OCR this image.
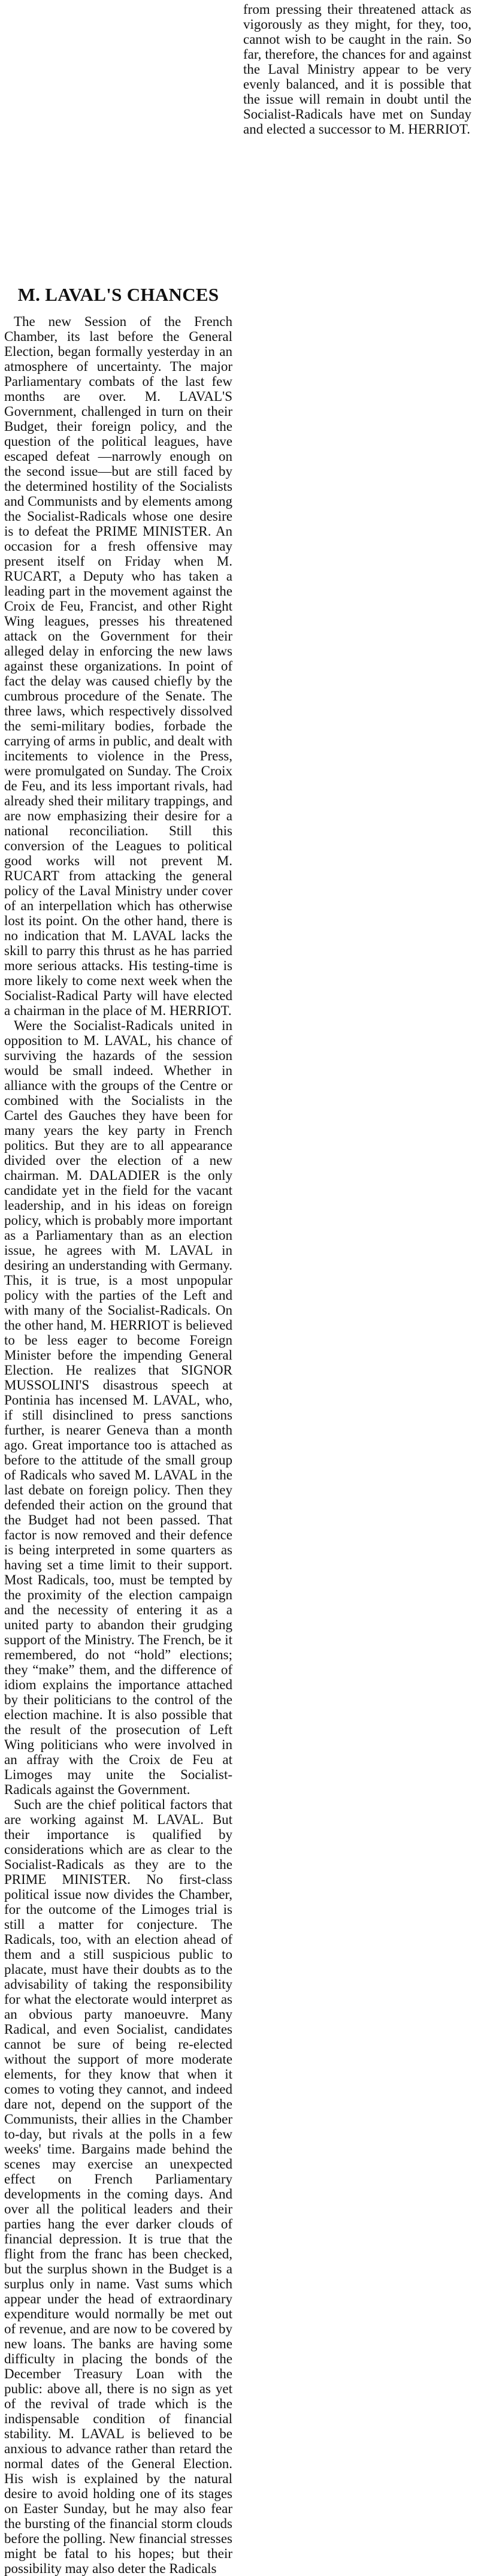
from pressing their threatened attack as vigorously as they might, for they, too, cannot wish to be caught in the rain. So far, therefore, the chances for and against the Laval Ministry appear to be very evenly balanced, and it is possible that the issue will remain in doubt until the Socialist-Radicals have met on Sunday and elected a successor to M. HERRIOT.

M. LAVAL'S CHANCES

The new Session of the French Chamber, its last before the General Election, began formally yesterday in an atmosphere of uncertainty. The major Parliamentary combats of the last few months are over. M. LAVAL'S Government, challenged in turn on their Budget, their foreign policy, and the question of the political leagues, have escaped defeat —narrowly enough on the second issue—but are still faced by the determined hostility of the Socialists and Communists and by elements among the Socialist-Radicals whose one desire is to defeat the PRIME MINISTER. An occasion for a fresh offensive may present itself on Friday when M. RUCART, a Deputy who has taken a leading part in the movement against the Croix de Feu, Francist, and other Right Wing leagues, presses his threatened attack on the Government for their alleged delay in enforcing the new laws against these organizations. In point of fact the delay was caused chiefly by the cumbrous procedure of the Senate. The three laws, which respectively dissolved the semi-military bodies, forbade the carrying of arms in public, and dealt with incitements to violence in the Press, were promulgated on Sunday. The Croix de Feu, and its less important rivals, had already shed their military trappings, and are now emphasizing their desire for a national reconciliation. Still this conversion of the Leagues to political good works will not prevent M. RUCART from attacking the general policy of the Laval Ministry under cover of an interpellation which has otherwise lost its point. On the other hand, there is no indication that M. LAVAL lacks the skill to parry this thrust as he has parried more serious attacks. His testing-time is more likely to come next week when the Socialist-Radical Party will have elected a chairman in the place of M. HERRIOT.

Were the Socialist-Radicals united in opposition to M. LAVAL, his chance of surviving the hazards of the session would be small indeed. Whether in alliance with the groups of the Centre or combined with the Socialists in the Cartel des Gauches they have been for many years the key party in French politics. But they are to all appearance divided over the election of a new chairman. M. DALADIER is the only candidate yet in the field for the vacant leadership, and in his ideas on foreign policy, which is probably more important as a Parliamentary than as an election issue, he agrees with M. LAVAL in desiring an understanding with Germany. This, it is true, is a most unpopular policy with the parties of the Left and with many of the Socialist-Radicals. On the other hand, M. HERRIOT is believed to be less eager to become Foreign Minister before the impending General Election. He realizes that SIGNOR MUSSOLINI'S disastrous speech at Pontinia has incensed M. LAVAL, who, if still disinclined to press sanctions further, is nearer Geneva than a month ago. Great importance too is attached as before to the attitude of the small group of Radicals who saved M. LAVAL in the last debate on foreign policy. Then they defended their action on the ground that the Budget had not been passed. That factor is now removed and their defence is being interpreted in some quarters as having set a time limit to their support. Most Radicals, too, must be tempted by the proximity of the election campaign and the necessity of entering it as a united party to abandon their grudging support of the Ministry. The French, be it remembered, do not “hold” elections; they “make” them, and the difference of idiom explains the importance attached by their politicians to the control of the election machine. It is also possible that the result of the prosecution of Left Wing politicians who were involved in an affray with the Croix de Feu at Limoges may unite the Socialist-Radicals against the Government.

Such are the chief political factors that are working against M. LAVAL. But their importance is qualified by considerations which are as clear to the Socialist-Radicals as they are to the PRIME MINISTER. No first-class political issue now divides the Chamber, for the outcome of the Limoges trial is still a matter for conjecture. The Radicals, too, with an election ahead of them and a still suspicious public to placate, must have their doubts as to the advisability of taking the responsibility for what the electorate would interpret as an obvious party manoeuvre. Many Radical, and even Socialist, candidates cannot be sure of being re-elected without the support of more moderate elements, for they know that when it comes to voting they cannot, and indeed dare not, depend on the support of the Communists, their allies in the Chamber to-day, but rivals at the polls in a few weeks' time. Bargains made behind the scenes may exercise an unexpected effect on French Parliamentary developments in the coming days. And over all the political leaders and their parties hang the ever darker clouds of financial depression. It is true that the flight from the franc has been checked, but the surplus shown in the Budget is a surplus only in name. Vast sums which appear under the head of extraordinary expenditure would normally be met out of revenue, and are now to be covered by new loans. The banks are having some difficulty in placing the bonds of the December Treasury Loan with the public: above all, there is no sign as yet of the revival of trade which is the indispensable condition of financial stability. M. LAVAL is believed to be anxious to advance rather than retard the normal dates of the General Election. His wish is explained by the natural desire to avoid holding one of its stages on Easter Sunday, but he may also fear the bursting of the financial storm clouds before the polling. New financial stresses might be fatal to his hopes; but their possibility may also deter the Radicals
